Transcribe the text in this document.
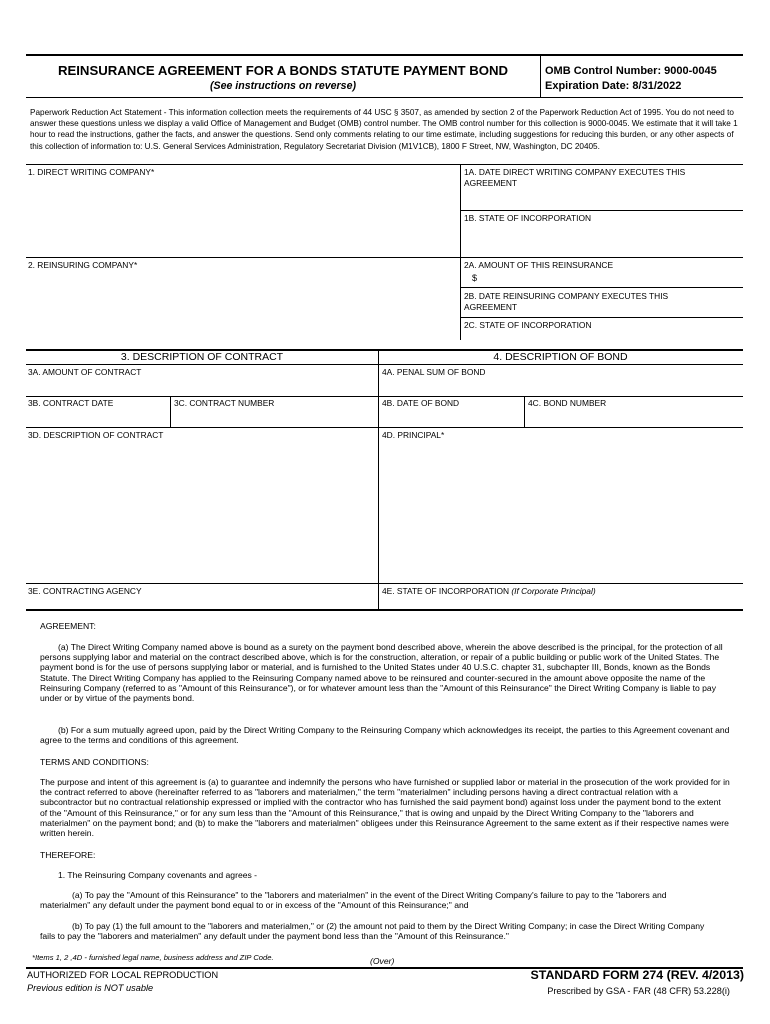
REINSURANCE AGREEMENT FOR A BONDS STATUTE PAYMENT BOND
(See instructions on reverse)
OMB Control Number: 9000-0045
Expiration Date: 8/31/2022
Paperwork Reduction Act Statement - This information collection meets the requirements of 44 USC § 3507, as amended by section 2 of the Paperwork Reduction Act of 1995. You do not need to answer these questions unless we display a valid Office of Management and Budget (OMB) control number. The OMB control number for this collection is 9000-0045. We estimate that it will take 1 hour to read the instructions, gather the facts, and answer the questions. Send only comments relating to our time estimate, including suggestions for reducing this burden, or any other aspects of this collection of information to: U.S. General Services Administration, Regulatory Secretariat Division (M1V1CB), 1800 F Street, NW, Washington, DC 20405.
1. DIRECT WRITING COMPANY*	1A. DATE DIRECT WRITING COMPANY EXECUTES THIS AGREEMENT
1B. STATE OF INCORPORATION
2. REINSURING COMPANY*	2A. AMOUNT OF THIS REINSURANCE
$
2B. DATE REINSURING COMPANY EXECUTES THIS AGREEMENT
2C. STATE OF INCORPORATION
3. DESCRIPTION OF CONTRACT	4. DESCRIPTION OF BOND
3A. AMOUNT OF CONTRACT	4A. PENAL SUM OF BOND
3B. CONTRACT DATE	3C. CONTRACT NUMBER	4B. DATE OF BOND	4C. BOND NUMBER
3D. DESCRIPTION OF CONTRACT	4D. PRINCIPAL*
3E. CONTRACTING AGENCY	4E. STATE OF INCORPORATION (If Corporate Principal)
AGREEMENT:
(a) The Direct Writing Company named above is bound as a surety on the payment bond described above, wherein the above described is the principal, for the protection of all persons supplying labor and material on the contract described above, which is for the construction, alteration, or repair of a public building or public work of the United States. The payment bond is for the use of persons supplying labor or material, and is furnished to the United States under 40 U.S.C. chapter 31, subchapter III, Bonds, known as the Bonds Statute. The Direct Writing Company has applied to the Reinsuring Company named above to be reinsured and counter-secured in the amount above opposite the name of the Reinsuring Company (referred to as "Amount of this Reinsurance"), or for whatever amount less than the "Amount of this Reinsurance" the Direct Writing Company is liable to pay under or by virtue of the payments bond.
(b) For a sum mutually agreed upon, paid by the Direct Writing Company to the Reinsuring Company which acknowledges its receipt, the parties to this Agreement covenant and agree to the terms and conditions of this agreement.
TERMS AND CONDITIONS:
The purpose and intent of this agreement is (a) to guarantee and indemnify the persons who have furnished or supplied labor or material in the prosecution of the work provided for in the contract referred to above (hereinafter referred to as "laborers and materialmen," the term "materialmen" including persons having a direct contractual relation with a subcontractor but no contractual relationship expressed or implied with the contractor who has furnished the said payment bond) against loss under the payment bond to the extent of the "Amount of this Reinsurance," or for any sum less than the "Amount of this Reinsurance," that is owing and unpaid by the Direct Writing Company to the "laborers and materialmen" on the payment bond; and (b) to make the "laborers and materialmen" obligees under this Reinsurance Agreement to the same extent as if their respective names were written herein.
THEREFORE:
1. The Reinsuring Company covenants and agrees -
(a) To pay the "Amount of this Reinsurance" to the "laborers and materialmen" in the event of the Direct Writing Company's failure to pay to the "laborers and materialmen" any default under the payment bond equal to or in excess of the "Amount of this Reinsurance;" and
(b) To pay (1) the full amount to the "laborers and materialmen," or (2) the amount not paid to them by the Direct Writing Company; in case the Direct Writing Company fails to pay the "laborers and materialmen" any default under the payment bond less than the "Amount of this Reinsurance."
*Items 1, 2 ,4D - furnished legal name, business address and ZIP Code.	(Over)
AUTHORIZED FOR LOCAL REPRODUCTION
Previous edition is NOT usable
STANDARD FORM 274 (REV. 4/2013)
Prescribed by GSA - FAR (48 CFR) 53.228(i)
